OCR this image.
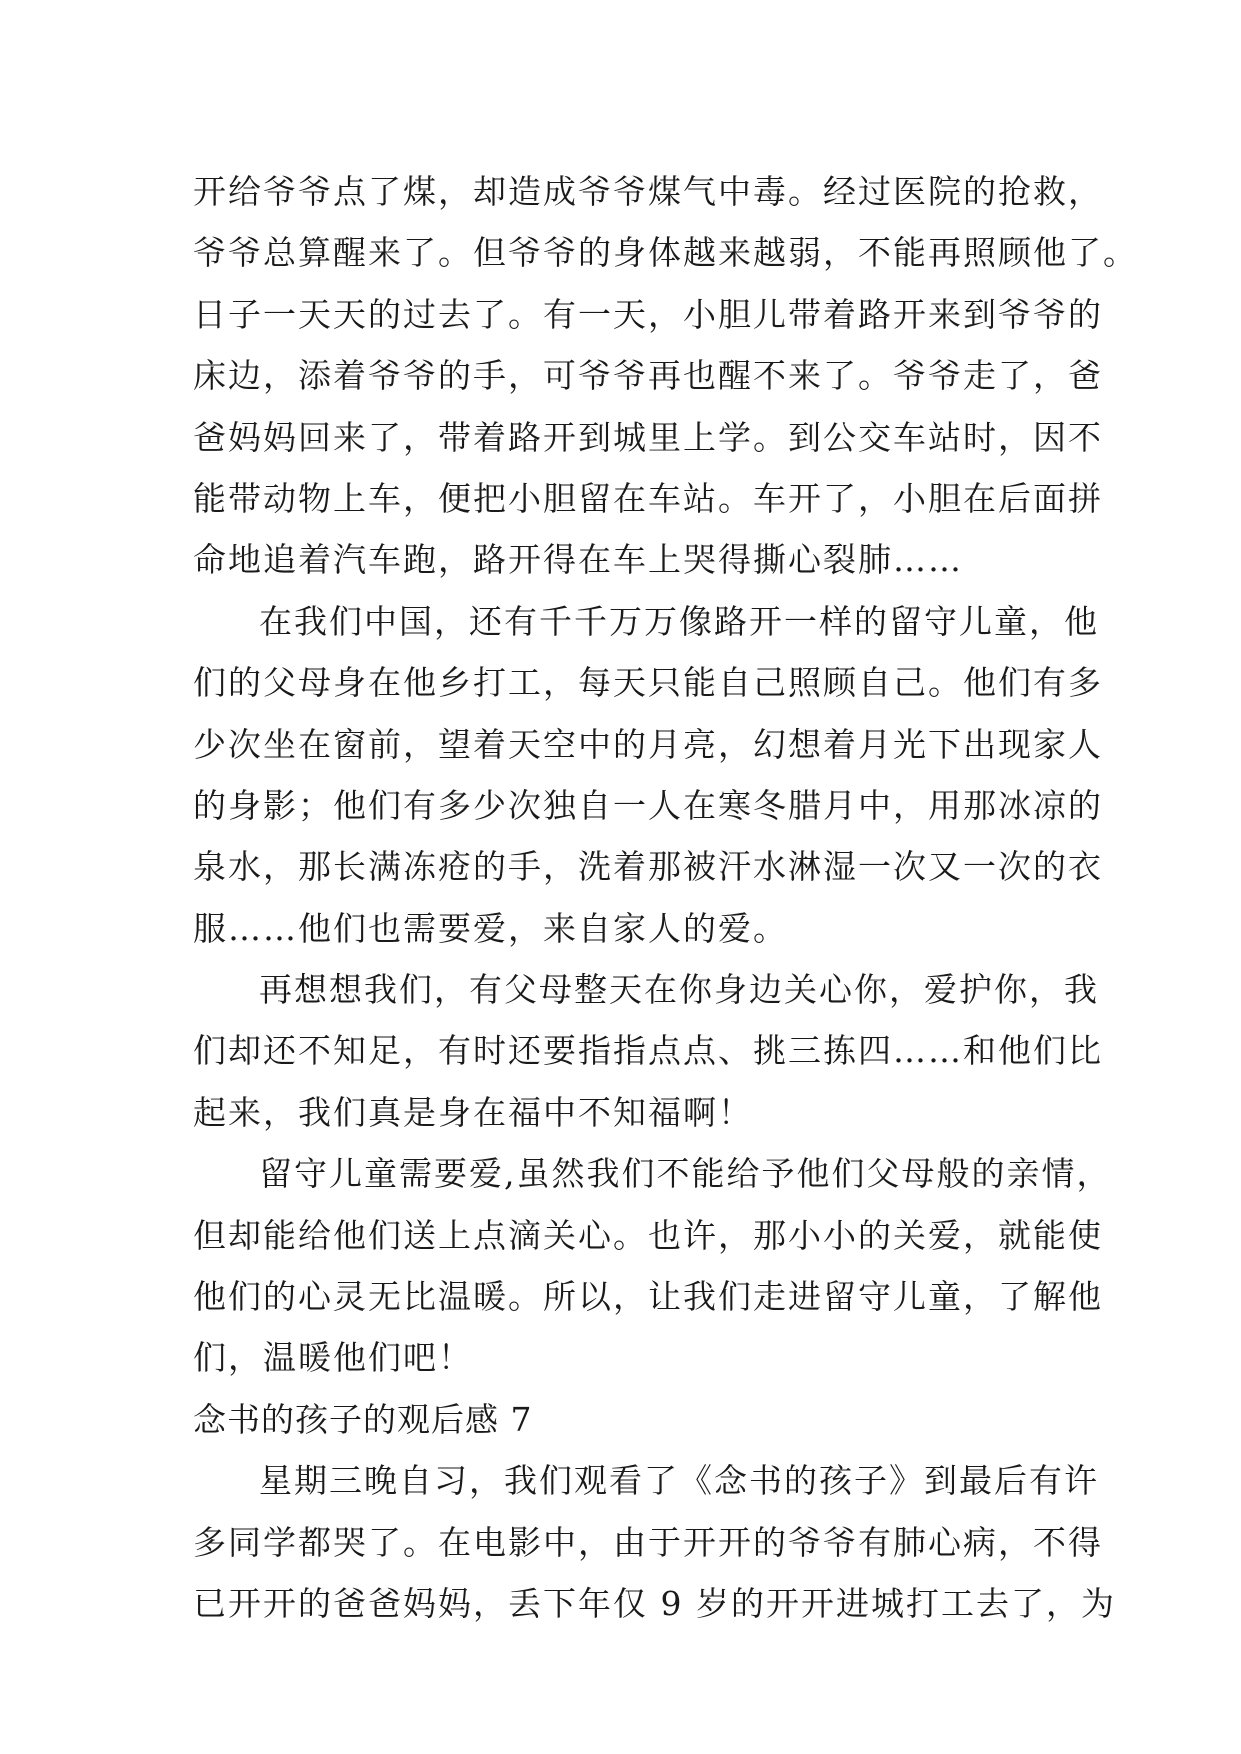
开给爷爷点了煤，却造成爷爷煤气中毒。经过医院的抢救，
爷爷总算醒来了。但爷爷的身体越来越弱，不能再照顾他了。
日子一天天的过去了。有一天，小胆儿带着路开来到爷爷的
床边，添着爷爷的手，可爷爷再也醒不来了。爷爷走了，爸
爸妈妈回来了，带着路开到城里上学。到公交车站时，因不
能带动物上车，便把小胆留在车站。车开了，小胆在后面拼
命地追着汽车跑，路开得在车上哭得撕心裂肺……
在我们中国，还有千千万万像路开一样的留守儿童，他
们的父母身在他乡打工，每天只能自己照顾自己。他们有多
少次坐在窗前，望着天空中的月亮，幻想着月光下出现家人
的身影；他们有多少次独自一人在寒冬腊月中，用那冰凉的
泉水，那长满冻疮的手，洗着那被汗水淋湿一次又一次的衣
服……他们也需要爱，来自家人的爱。
再想想我们，有父母整天在你身边关心你，爱护你，我
们却还不知足，有时还要指指点点、挑三拣四……和他们比
起来，我们真是身在福中不知福啊！
留守儿童需要爱,虽然我们不能给予他们父母般的亲情，
但却能给他们送上点滴关心。也许，那小小的关爱，就能使
他们的心灵无比温暖。所以，让我们走进留守儿童，了解他
们，温暖他们吧！
念书的孩子的观后感 7
星期三晚自习，我们观看了《念书的孩子》到最后有许
多同学都哭了。在电影中，由于开开的爷爷有肺心病，不得
已开开的爸爸妈妈，丢下年仅 9 岁的开开进城打工去了，为
